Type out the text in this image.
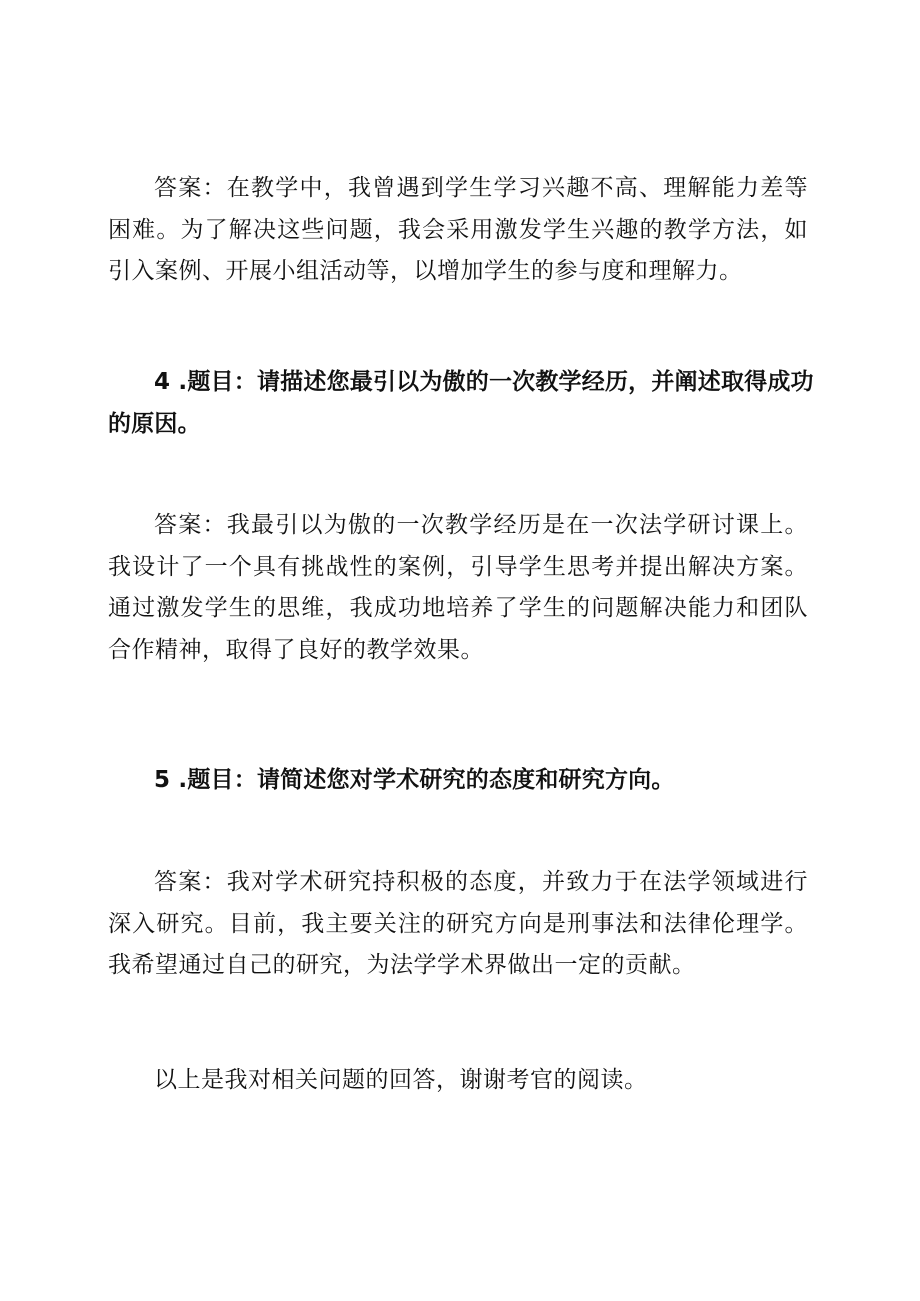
答案：在教学中，我曾遇到学生学习兴趣不高、理解能力差等困难。为了解决这些问题，我会采用激发学生兴趣的教学方法，如引入案例、开展小组活动等，以增加学生的参与度和理解力。

4 .题目：请描述您最引以为傲的一次教学经历，并阐述取得成功的原因。

答案：我最引以为傲的一次教学经历是在一次法学研讨课上。我设计了一个具有挑战性的案例，引导学生思考并提出解决方案。通过激发学生的思维，我成功地培养了学生的问题解决能力和团队合作精神，取得了良好的教学效果。

5 .题目：请简述您对学术研究的态度和研究方向。

答案：我对学术研究持积极的态度，并致力于在法学领域进行深入研究。目前，我主要关注的研究方向是刑事法和法律伦理学。我希望通过自己的研究，为法学学术界做出一定的贡献。

以上是我对相关问题的回答，谢谢考官的阅读。
